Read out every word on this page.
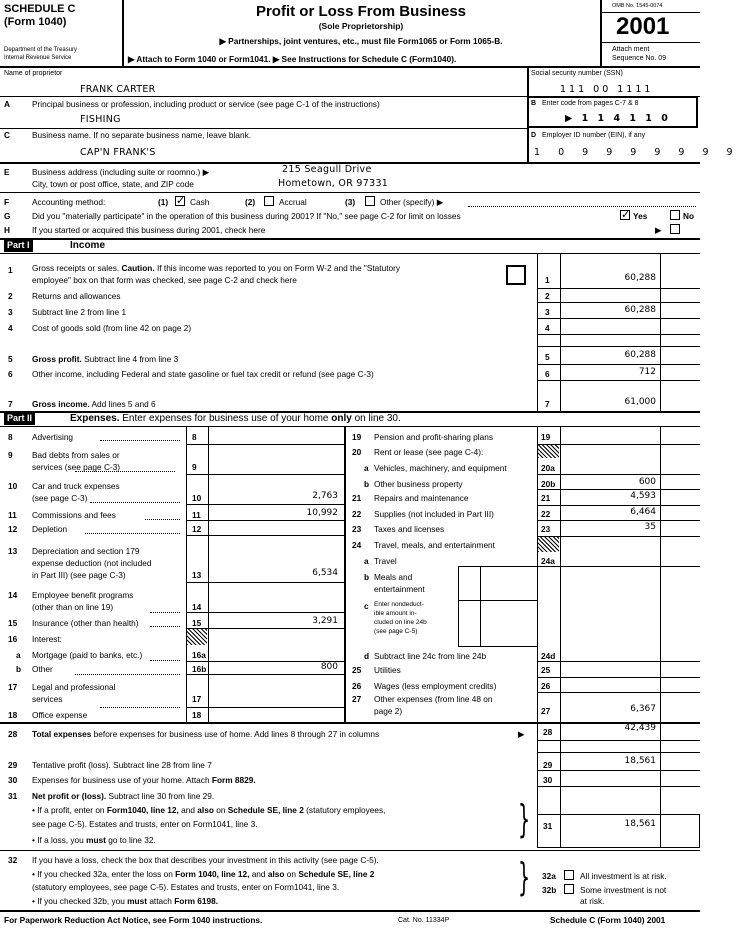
SCHEDULE C
(Form 1040)
Department of the Treasury
Internal Revenue Service
Profit or Loss From Business
(Sole Proprietorship)
▶ Partnerships, joint ventures, etc., must file Form1065 or Form 1065-B.
▶ Attach to Form 1040 or Form1041. ▶ See Instructions for Schedule C (Form1040).
OMB No. 1545-0074
2001
Attach ment
Sequence No. 09
Name of proprietor
FRANK CARTER
Social security number (SSN)
111 00 1111
A	Principal business or profession, including product or service (see page C-1 of the instructions)
FISHING
B Enter code from pages C-7 & 8
▶ 1 1 4 1 1 0
C	Business name. If no separate business name, leave blank.
CAP'N FRANK'S
D Employer ID number (EIN), if any
1 0 9 9 9 9 9 9 9
E	Business address (including suite or roomno.) ▶
City, town or post office, state, and ZIP code
215 Seagull Drive
Hometown, OR 97331
F	Accounting method:	(1) ✓	Cash	(2)	Accrual	(3)	Other (specify) ▶
G	Did you "materially participate" in the operation of this business during 2001? If "No," see page C-2 for limit on losses ✓	Yes	No
H	If you started or acquired this business during 2001, check here	▶
Part I	Income
1 Gross receipts or sales. Caution. If this income was reported to you on Form W-2 and the "Statutory
employee" box on that form was checked, see page C-2 and check here	1	60,288
2 Returns and allowances	2
3 Subtract line 2 from line 1	3	60,288
4 Cost of goods sold (from line 42 on page 2)	4
5 Gross profit. Subtract line 4 from line 3	5	60,288
6 Other income, including Federal and state gasoline or fuel tax credit or refund (see page C-3)	6	712
7 Gross income. Add lines 5 and 6	7	61,000
Part II	Expenses. Enter expenses for business use of your home only on line 30.
28 Total expenses before expenses for business use of home. Add lines 8 through 27 in columns	▶ 28	42,439
29 Tentative profit (loss). Subtract line 28 from line 7	29	18,561
30 Expenses for business use of your home. Attach Form 8829.	30
31 Net profit or (loss). Subtract line 30 from line 29.
• If a profit, enter on Form1040, line 12, and also on Schedule SE, line 2 (statutory employees,
see page C-5). Estates and trusts, enter on Form1041, line 3.
• If a loss, you must go to line 32.	} 31	18,561
32 If you have a loss, check the box that describes your investment in this activity (see page C-5).
• If you checked 32a, enter the loss on Form 1040, line 12, and also on Schedule SE, line 2
(statutory employees, see page C-5). Estates and trusts, enter on Form1041, line 3.
• If you checked 32b, you must attach Form 6198.
} 32a	All investment is at risk.
32b	Some investment is not
at risk.
For Paperwork Reduction Act Notice, see Form 1040 instructions.	Cat. No. 11334P	Schedule C (Form 1040) 2001
8 Advertising	8
9 Bad debts from sales or
services (see page C-3)	9
10 Car and truck expenses
(see page C-3)	10	2,763
11 Commissions and fees	11	10,992
12 Depletion	12
13 Depreciation and section 179
expense deduction (not included
in Part III) (see page C-3)	13	6,534
14 Employee benefit programs
(other than on line 19)	14
15 Insurance (other than health)	15	3,291
16 Interest:
a Mortgage (paid to banks, etc.)	16a
b Other	16b	800
17 Legal and professional
services	17
18 Office expense	18
19 Pension and profit-sharing plans	19
20 Rent or lease (see page C-4):
a Vehicles, machinery, and equipment	20a
b Other business property	20b	600
21 Repairs and maintenance	21	4,593
22 Supplies (not included in Part III)	22	6,464
23 Taxes and licenses	23	35
24 Travel, meals, and entertainment
a Travel	24a
b Meals and
entertainment
c Enter nondeduct-
ible amount in-
cluded on line 24b
(see page C-5)
d Subtract line 24c from line 24b	24d
25 Utilities	25
26 Wages (less employment credits)	26
27 Other expenses (from line 48 on
page 2)	27	6,367
